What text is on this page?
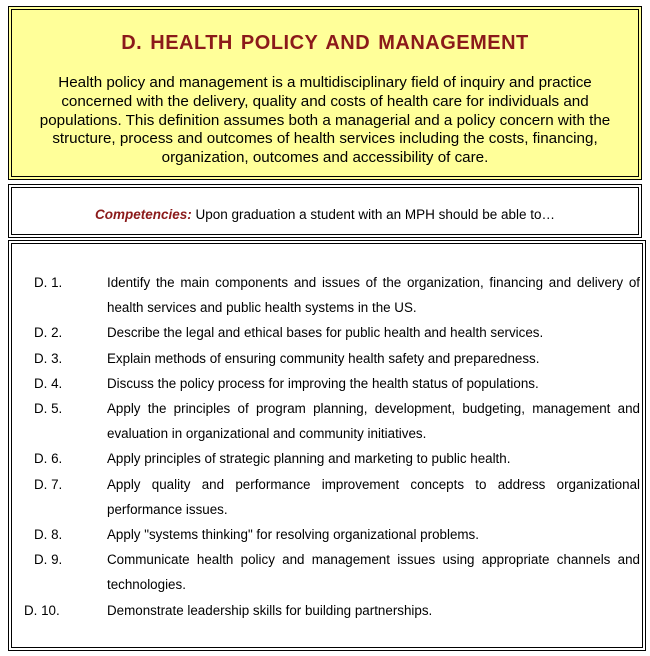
D. HEALTH POLICY AND MANAGEMENT
Health policy and management is a multidisciplinary field of inquiry and practice concerned with the delivery, quality and costs of health care for individuals and populations. This definition assumes both a managerial and a policy concern with the structure, process and outcomes of health services including the costs, financing, organization, outcomes and accessibility of care.
Competencies: Upon graduation a student with an MPH should be able to…
D. 1.	Identify the main components and issues of the organization, financing and delivery of health services and public health systems in the US.
D. 2.	Describe the legal and ethical bases for public health and health services.
D. 3.	Explain methods of ensuring community health safety and preparedness.
D. 4.	Discuss the policy process for improving the health status of populations.
D. 5.	Apply the principles of program planning, development, budgeting, management and evaluation in organizational and community initiatives.
D. 6.	Apply principles of strategic planning and marketing to public health.
D. 7.	Apply quality and performance improvement concepts to address organizational performance issues.
D. 8.	Apply "systems thinking" for resolving organizational problems.
D. 9.	Communicate health policy and management issues using appropriate channels and technologies.
D. 10.	Demonstrate leadership skills for building partnerships.
